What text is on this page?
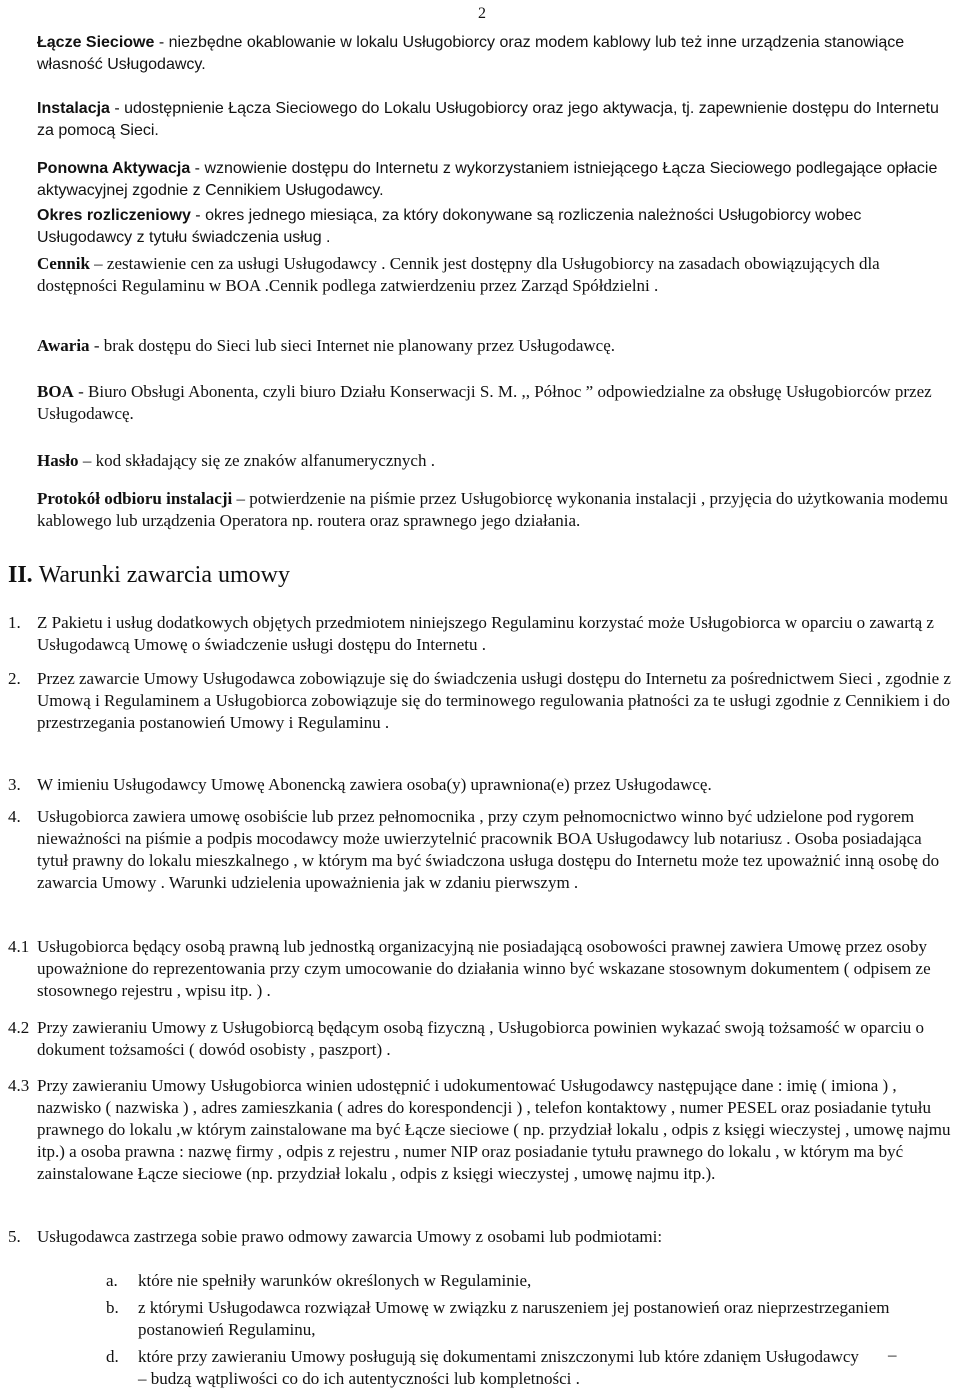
2
Łącze Sieciowe - niezbędne okablowanie w lokalu Usługobiorcy oraz modem kablowy lub też inne urządzenia stanowiące własność Usługodawcy.
Instalacja - udostępnienie Łącza Sieciowego do Lokalu Usługobiorcy oraz jego aktywacja, tj. zapewnienie dostępu do Internetu za pomocą Sieci.
Ponowna Aktywacja - wznowienie dostępu do Internetu z wykorzystaniem istniejącego Łącza Sieciowego podlegające opłacie aktywacyjnej zgodnie z Cennikiem Usługodawcy.
Okres rozliczeniowy - okres jednego miesiąca, za który dokonywane są rozliczenia należności Usługobiorcy wobec Usługodawcy z tytułu świadczenia usług .
Cennik – zestawienie cen za usługi Usługodawcy . Cennik jest dostępny dla Usługobiorcy na zasadach obowiązujących dla dostępności Regulaminu w BOA .Cennik podlega zatwierdzeniu przez Zarząd Spółdzielni .
Awaria - brak dostępu do Sieci lub sieci Internet nie planowany przez Usługodawcę.
BOA - Biuro Obsługi Abonenta, czyli biuro Działu Konserwacji S. M. ,, Północ ” odpowiedzialne za obsługę Usługobiorców przez Usługodawcę.
Hasło – kod składający się ze znaków alfanumerycznych .
Protokół odbioru instalacji – potwierdzenie na piśmie przez Usługobiorcę wykonania instalacji , przyjęcia do użytkowania modemu kablowego lub urządzenia Operatora np. routera oraz sprawnego jego działania.
II. Warunki zawarcia umowy
1. Z Pakietu i usług dodatkowych objętych przedmiotem niniejszego Regulaminu korzystać może Usługobiorca w oparciu o zawartą z Usługodawcą Umowę o świadczenie usługi dostępu do Internetu .
2. Przez zawarcie Umowy Usługodawca zobowiązuje się do świadczenia usługi dostępu do Internetu za pośrednictwem Sieci , zgodnie z Umową i Regulaminem a Usługobiorca zobowiązuje się do terminowego regulowania płatności za te usługi zgodnie z Cennikiem i do przestrzegania postanowień Umowy i Regulaminu .
3. W imieniu Usługodawcy Umowę Abonencką zawiera osoba(y) uprawniona(e) przez Usługodawcę.
4. Usługobiorca zawiera umowę osobiście lub przez pełnomocnika , przy czym pełnomocnictwo winno być udzielone pod rygorem nieważności na piśmie a podpis mocodawcy może uwierzytelnić pracownik BOA Usługodawcy lub notariusz . Osoba posiadająca tytuł prawny do lokalu mieszkalnego , w którym ma być świadczona usługa dostępu do Internetu może tez upoważnić inną osobę do zawarcia Umowy . Warunki udzielenia upoważnienia jak w zdaniu pierwszym .
4.1 Usługobiorca będący osobą prawną lub jednostką organizacyjną nie posiadającą osobowości prawnej zawiera Umowę przez osoby upoważnione do reprezentowania przy czym umocowanie do działania winno być wskazane stosownym dokumentem ( odpisem ze stosownego rejestru , wpisu itp. ) .
4.2 Przy zawieraniu Umowy z Usługobiorcą będącym osobą fizyczną , Usługobiorca powinien wykazać swoją tożsamość w oparciu o dokument tożsamości ( dowód osobisty , paszport) .
4.3 Przy zawieraniu Umowy Usługobiorca winien udostępnić i udokumentować Usługodawcy następujące dane : imię ( imiona ) , nazwisko ( nazwiska ) , adres zamieszkania ( adres do korespondencji ) , telefon kontaktowy , numer PESEL oraz posiadanie tytułu prawnego do lokalu ,w którym zainstalowane ma być Łącze sieciowe ( np. przydział lokalu , odpis z księgi wieczystej , umowę najmu itp.) a osoba prawna : nazwę firmy , odpis z rejestru , numer NIP oraz posiadanie tytułu prawnego do lokalu , w którym ma być zainstalowane Łącze sieciowe (np. przydział lokalu , odpis z księgi wieczystej , umowę najmu itp.).
5. Usługodawca zastrzega sobie prawo odmowy zawarcia Umowy z osobami lub podmiotami:
a. które nie spełniły warunków określonych w Regulaminie,
b. z którymi Usługodawca rozwiązał Umowę w związku z naruszeniem jej postanowień oraz nieprzestrzeganiem postanowień Regulaminu,
d. które przy zawieraniu Umowy posługują się dokumentami zniszczonymi lub które zdanięm Usługodawcy – budzą wątpliwości co do ich autentyczności lub kompletności .
–
